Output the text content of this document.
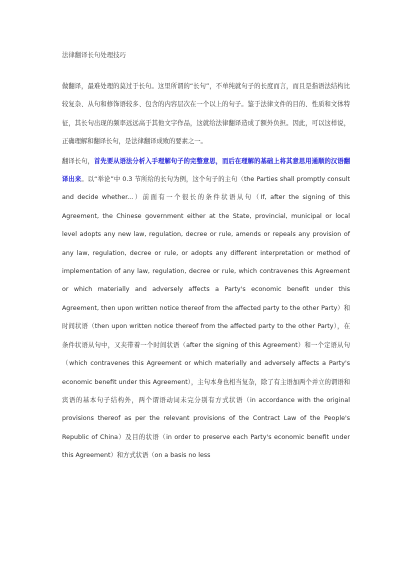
法律翻译长句处理技巧

做翻译，最难处理的莫过于长句。这里所谓的“长句”，不单纯就句子的长度而言，而且是指语法结构比较复杂、从句和修饰语较多、包含的内容层次在一个以上的句子。鉴于法律文件的目的、性质和文体特征，其长句出现的频率远远高于其他文字作品，这就给法律翻译造成了额外负担。因此，可以这样说，正确理解和翻译长句，是法律翻译成败的要素之一。

翻译长句，首先要从语法分析入手理解句子的完整意思，而后在理解的基础上将其意思用通顺的汉语翻译出来。以“举论”中 0.3 节所给的长句为例，这个句子的主句（the Parties shall promptly consult and decide whether...）前面有一个很长的条件状语从句（If, after the signing of this Agreement, the Chinese government either at the State, provincial, municipal or local level adopts any new law, regulation, decree or rule, amends or repeals any provision of any law, regulation, decree or rule, or adopts any different interpretation or method of implementation of any law, regulation, decree or rule, which contravenes this Agreement or which materially and adversely affects a Party's economic benefit under this Agreement, then upon written notice thereof from the affected party to the other Party）和时间状语（then upon written notice thereof from the affected party to the other Party），在条件状语从句中，又夹带着一个时间状语（after the signing of this Agreement）和一个定语从句（which contravenes this Agreement or which materially and adversely affects a Party's economic benefit under this Agreement），主句本身也相当复杂，除了有主语加两个并立的谓语和宾语的基本句子结构外，两个谓语动词未完分别有方式状语（in accordance with the original provisions thereof as per the relevant provisions of the Contract Law of the People's Republic of China）及目的状语（in order to preserve each Party's economic benefit under this Agreement）和方式状语（on a basis no less
